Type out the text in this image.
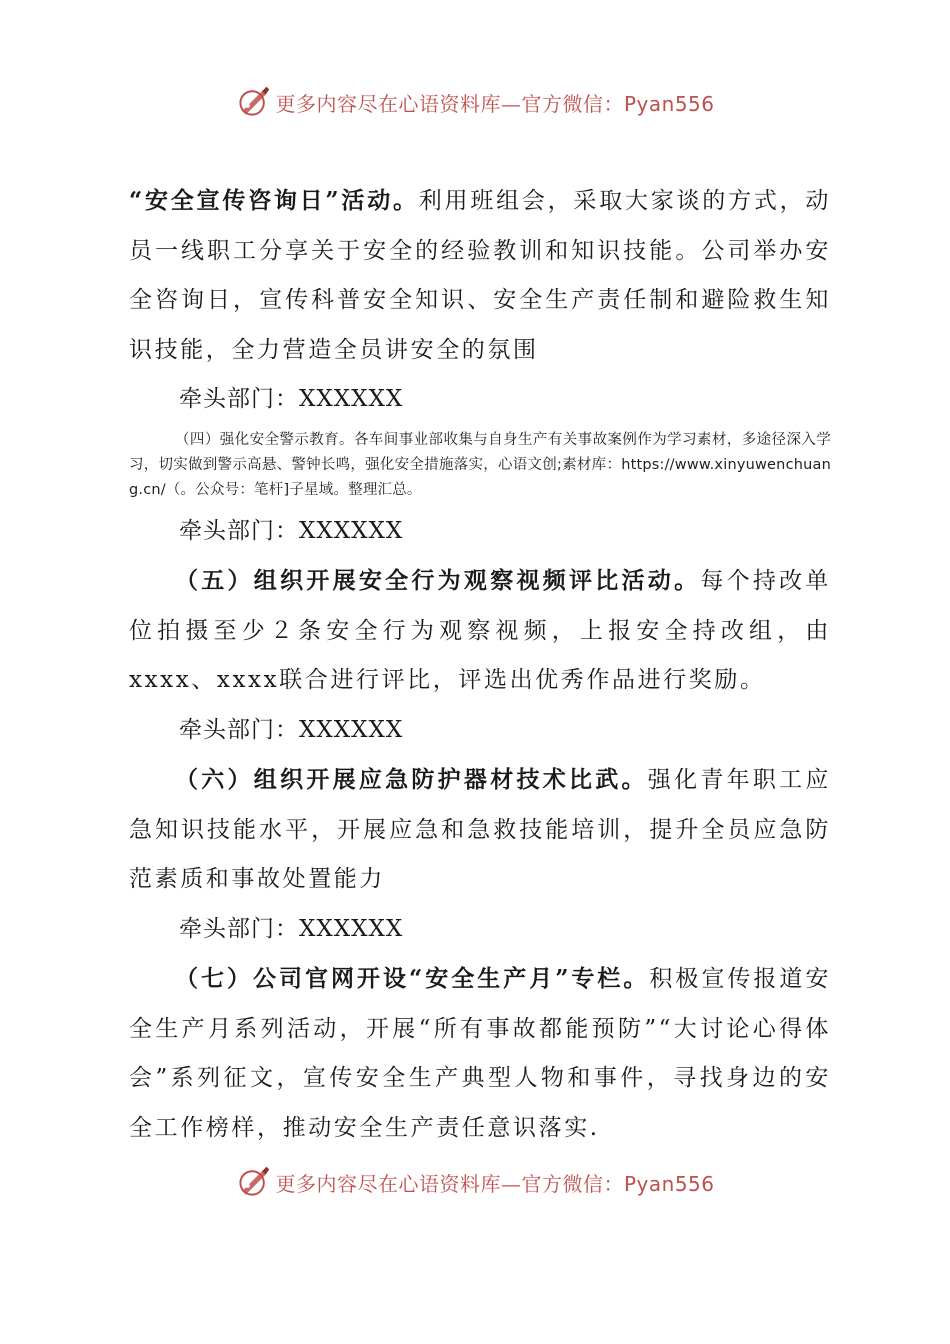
更多内容尽在心语资料库—官方微信：Pyan556

“安全宣传咨询日”活动。利用班组会，采取大家谈的方式，动员一线职工分享关于安全的经验教训和知识技能。公司举办安全咨询日，宣传科普安全知识、安全生产责任制和避险救生知识技能，全力营造全员讲安全的氛围

牵头部门：XXXXXX

（四）强化安全警示教育。各车间事业部收集与自身生产有关事故案例作为学习素材，多途径深入学习，切实做到警示高悬、警钟长鸣，强化安全措施落实，心语文创;素材库：https://www.xinyuwenchuang.cn/（。公众号：笔杆]子星域。整理汇总。

牵头部门：XXXXXX

（五）组织开展安全行为观察视频评比活动。每个持改单位拍摄至少２条安全行为观察视频，上报安全持改组，由xxxx、xxxx联合进行评比，评选出优秀作品进行奖励。

牵头部门：XXXXXX

（六）组织开展应急防护器材技术比武。强化青年职工应急知识技能水平，开展应急和急救技能培训，提升全员应急防范素质和事故处置能力

牵头部门：XXXXXX

（七）公司官网开设“安全生产月”专栏。积极宣传报道安全生产月系列活动，开展“所有事故都能预防”“大讨论心得体会”系列征文，宣传安全生产典型人物和事件，寻找身边的安全工作榜样，推动安全生产责任意识落实.

更多内容尽在心语资料库—官方微信：Pyan556
